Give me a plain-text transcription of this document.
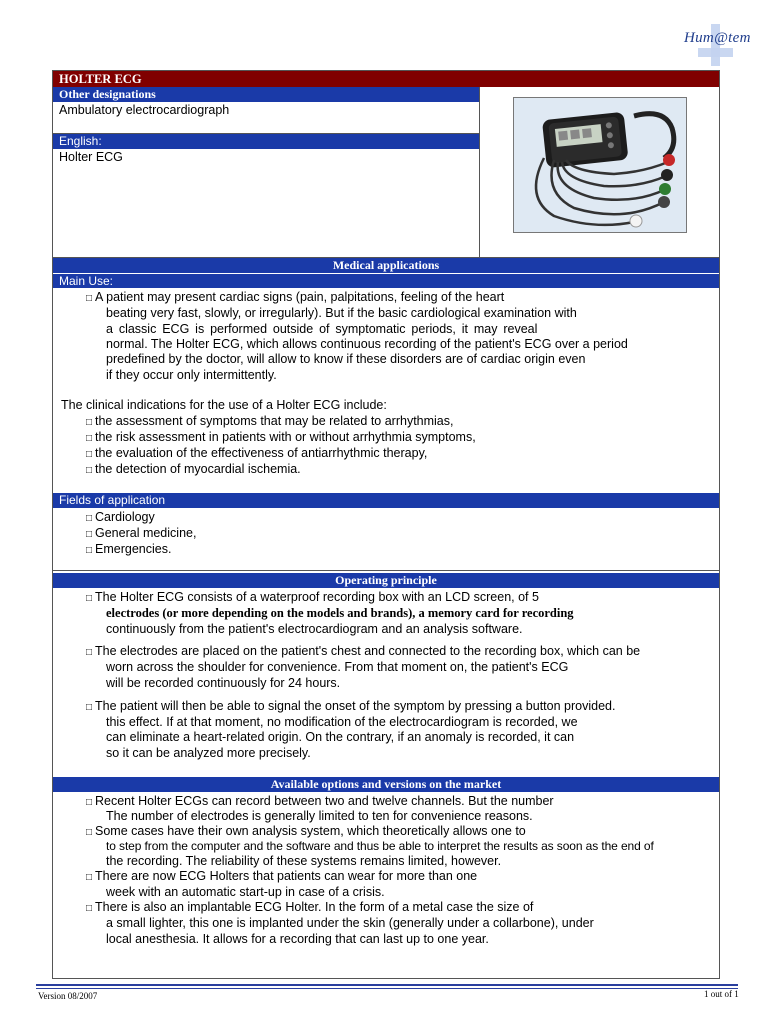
Hum@tem
HOLTER ECG
Other designations
Ambulatory electrocardiograph
English:
Holter ECG
Medical applications
Main Use:
□ A patient may present cardiac signs (pain, palpitations, feeling of the heart
beating very fast, slowly, or irregularly). But if the basic cardiological examination with
a classic ECG is performed outside of symptomatic periods, it may reveal
normal. The Holter ECG, which allows continuous recording of the patient's ECG over a period
predefined by the doctor, will allow to know if these disorders are of cardiac origin even
if they occur only intermittently.
The clinical indications for the use of a Holter ECG include:
□ the assessment of symptoms that may be related to arrhythmias,
□ the risk assessment in patients with or without arrhythmia symptoms,
□ the evaluation of the effectiveness of antiarrhythmic therapy,
□ the detection of myocardial ischemia.
Fields of application
□ Cardiology
□ General medicine,
□ Emergencies.
Operating principle
□ The Holter ECG consists of a waterproof recording box with an LCD screen, of 5
electrodes (or more depending on the models and brands), a memory card for recording
continuously from the patient's electrocardiogram and an analysis software.
□ The electrodes are placed on the patient's chest and connected to the recording box, which can be
worn across the shoulder for convenience. From that moment on, the patient's ECG
will be recorded continuously for 24 hours.
□ The patient will then be able to signal the onset of the symptom by pressing a button provided.
this effect. If at that moment, no modification of the electrocardiogram is recorded, we
can eliminate a heart-related origin. On the contrary, if an anomaly is recorded, it can
so it can be analyzed more precisely.
Available options and versions on the market
□ Recent Holter ECGs can record between two and twelve channels. But the number
The number of electrodes is generally limited to ten for convenience reasons.
□ Some cases have their own analysis system, which theoretically allows one to
to step from the computer and the software and thus be able to interpret the results as soon as the end of
the recording. The reliability of these systems remains limited, however.
□ There are now ECG Holters that patients can wear for more than one
week with an automatic start-up in case of a crisis.
□ There is also an implantable ECG Holter. In the form of a metal case the size of
a small lighter, this one is implanted under the skin (generally under a collarbone), under
local anesthesia. It allows for a recording that can last up to one year.
Version 08/2007	1 out of 1
